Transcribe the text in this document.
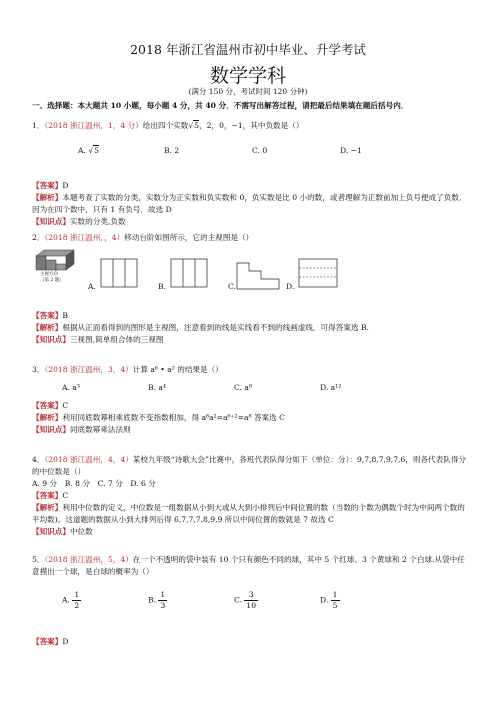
2018 年浙江省温州市初中毕业、升学考试
数学学科
(满分 150 分，考试时间 120 分钟)
一、选择题：本大题共 10 小题，每小题 4 分，共 40 分．不需写出解答过程，请把最后结果填在题后括号内．
1．（2018 浙江温州，1，4 分）给出四个实数√5，2，0，−1，其中负数是（）
A. √5	B. 2	C. 0	D. −1
【答案】D
【解析】本题考查了实数的分类，实数分为正实数和负实数和 0，负实数是比 0 小的数，或者理解为正数前加上负号便成了负数．因为在四个数中，只有 1 有负号．故选 D
【知识点】实数的分类,负数
2．（2018 浙江温州，，4）移动台阶如图所示，它的主视图是（）
主视方向
（第 2 题）
A.	B.	C.	D.
【答案】B
【解析】根据从正面看得到的图形是主视图，注意看到的线是实线看不到的线画虚线．可得答案选 B.
【知识点】三视图,简单组合体的三视图
3．（2018 浙江温州，3，4）计算 a⁶ • a² 的结果是（）
A. a³	B. a⁴	C. a⁸	D. a¹²
【答案】C
【解析】利用同底数幂相乘底数不变指数相加，得 a⁶a²=a⁶⁺²=a⁸ 答案选 C
【知识点】同底数幂乘法法则
4．（2018 浙江温州，4，4）某校九年级“诗歌大会”比赛中，各班代表队得分如下（单位：分）：9,7,8,7,9,7,6，则各代表队得分的中位数是（）
A. 9 分　B. 8 分　C. 7 分　D. 6 分
【答案】C
【解析】利用中位数的定义，中位数是一组数据从小到大或从大到小排列后中间位置的数（当数的个数为偶数个时为中间两个数的平均数)。这道题的数据从小到大排列后得 6,7,7,7,8,9,9 所以中间位置的数就是 7 故选 C
【知识点】中位数
5．（2018 浙江温州，5，4）在一个不透明的袋中装有 10 个只有颜色不同的球，其中 5 个红球、3 个黄球和 2 个白球.从袋中任意摸出一个球，是白球的概率为（）
A. $\frac{1}{2}$	B. $\frac{1}{3}$	C. $\frac{3}{10}$	D. $\frac{1}{5}$
【答案】D
